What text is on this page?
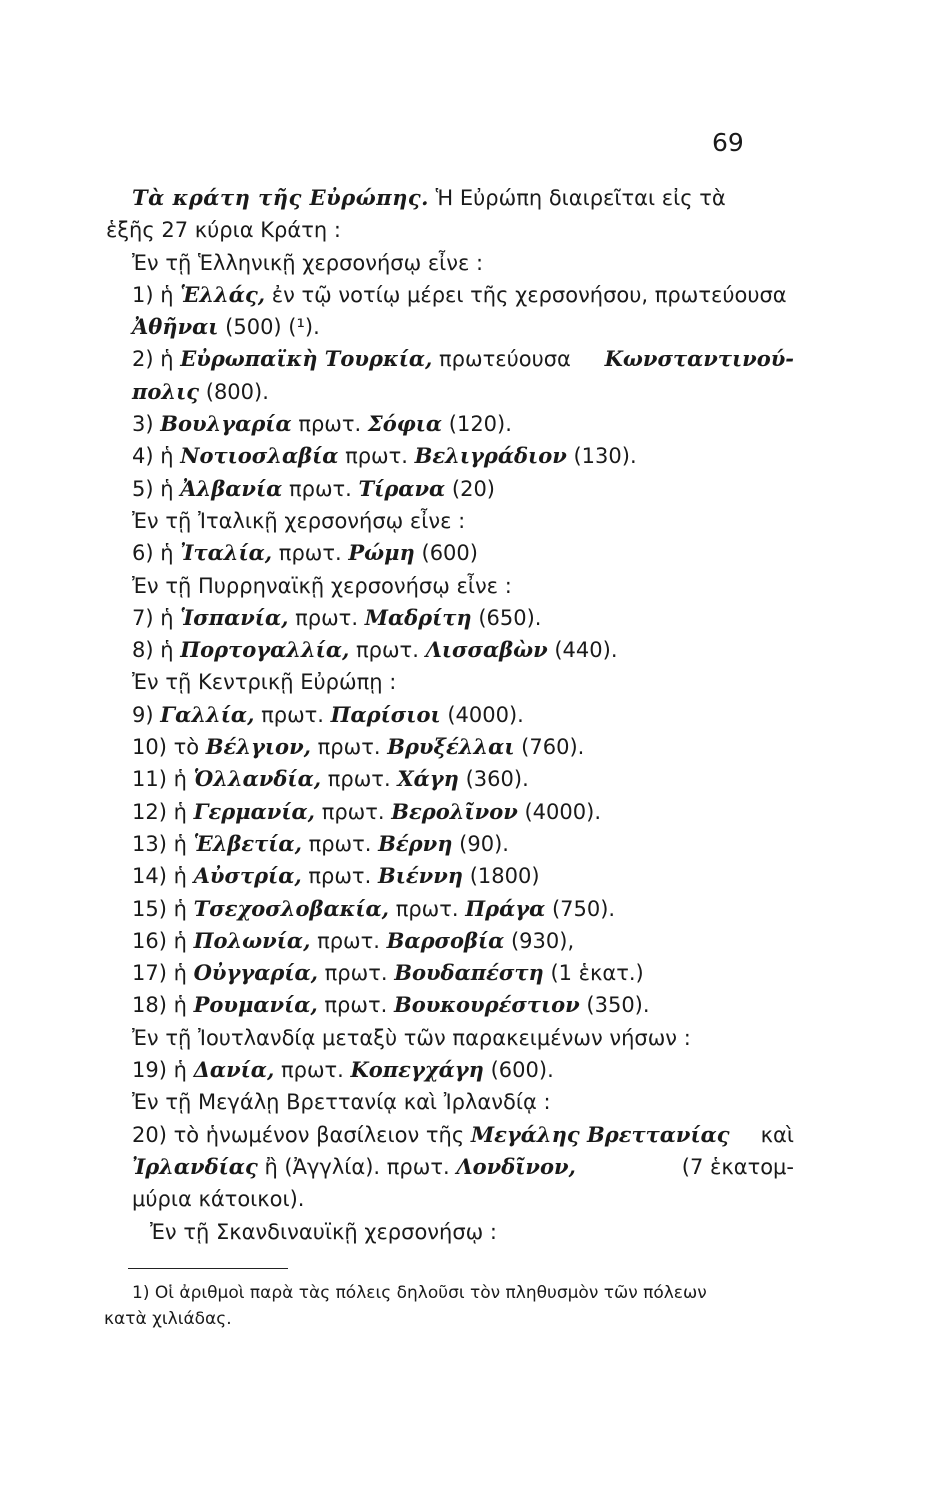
69
Τὰ κράτη τῆς Εὐρώπης. Ἡ Εὐρώπη διαιρεῖται εἰς τὰ
ἑξῆς 27 κύρια Κράτη :
Ἐν τῇ Ἑλληνικῇ χερσονήσῳ εἶνε :
1) ἡ Ἑλλάς, ἐν τῷ νοτίῳ μέρει τῆς χερσονήσου, πρωτεύουσα
Ἀθῆναι (500) (¹).
2) ἡ Εὐρωπαϊκὴ Τουρκία, πρωτεύουσα Κωνσταντινού-
πολις (800).
3) Βουλγαρία πρωτ. Σόφια (120).
4) ἡ Νοτιοσλαβία πρωτ. Βελιγράδιον (130).
5) ἡ Ἀλβανία πρωτ. Τίρανα (20)
Ἐν τῇ Ἰταλικῇ χερσονήσῳ εἶνε :
6) ἡ Ἰταλία, πρωτ. Ρώμη (600)
Ἐν τῇ Πυρρηναϊκῇ χερσονήσῳ εἶνε :
7) ἡ Ἱσπανία, πρωτ. Μαδρίτη (650).
8) ἡ Πορτογαλλία, πρωτ. Λισσαβὼν (440).
Ἐν τῇ Κεντρικῇ Εὐρώπῃ :
9) Γαλλία, πρωτ. Παρίσιοι (4000).
10) τὸ Βέλγιον, πρωτ. Βρυξέλλαι (760).
11) ἡ Ὁλλανδία, πρωτ. Χάγη (360).
12) ἡ Γερμανία, πρωτ. Βερολῖνον (4000).
13) ἡ Ἑλβετία, πρωτ. Βέρνη (90).
14) ἡ Αὐστρία, πρωτ. Βιέννη (1800)
15) ἡ Τσεχοσλοβακία, πρωτ. Πράγα (750).
16) ἡ Πολωνία, πρωτ. Βαρσοβία (930),
17) ἡ Οὐγγαρία, πρωτ. Βουδαπέστη (1 ἑκατ.)
18) ἡ Ρουμανία, πρωτ. Βουκουρέστιον (350).
Ἐν τῇ Ἰουτλανδίᾳ μεταξὺ τῶν παρακειμένων νήσων :
19) ἡ Δανία, πρωτ. Κοπεγχάγη (600).
Ἐν τῇ Μεγάλῃ Βρεττανίᾳ καὶ Ἰρλανδίᾳ :
20) τὸ ἡνωμένον βασίλειον τῆς Μεγάλης Βρεττανίας καὶ
Ἰρλανδίας ἢ (Ἀγγλία). πρωτ. Λονδῖνον,	(7 ἑκατομ-
μύρια κάτοικοι).
Ἐν τῇ Σκανδιναυϊκῇ χερσονήσῳ :
1) Οἱ ἀριθμοὶ παρὰ τὰς πόλεις δηλοῦσι τὸν πληθυσμὸν τῶν πόλεων
κατὰ χιλιάδας.
